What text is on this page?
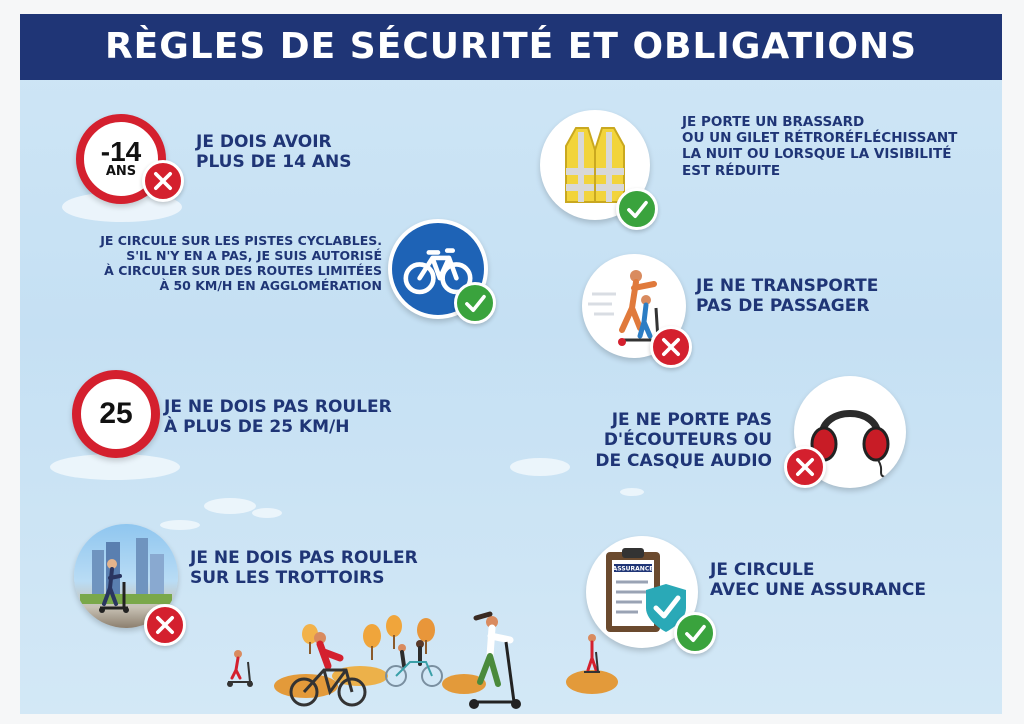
RÈGLES DE SÉCURITÉ ET OBLIGATIONS
-14
ANS
JE DOIS AVOIR
PLUS DE 14 ANS
JE CIRCULE SUR LES PISTES CYCLABLES.
S'IL N'Y EN A PAS, JE SUIS AUTORISÉ
À CIRCULER SUR DES ROUTES LIMITÉES
À 50 KM/H EN AGGLOMÉRATION
25 JE NE DOIS PAS ROULER
À PLUS DE 25 KM/H
JE NE DOIS PAS ROULER
SUR LES TROTTOIRS
JE PORTE UN BRASSARD
OU UN GILET RÉTRORÉFLÉCHISSANT
LA NUIT OU LORSQUE LA VISIBILITÉ
EST RÉDUITE
JE NE TRANSPORTE
PAS DE PASSAGER
JE NE PORTE PAS
D'ÉCOUTEURS OU
DE CASQUE AUDIO
ASSURANCE	JE CIRCULE
AVEC UNE ASSURANCE
